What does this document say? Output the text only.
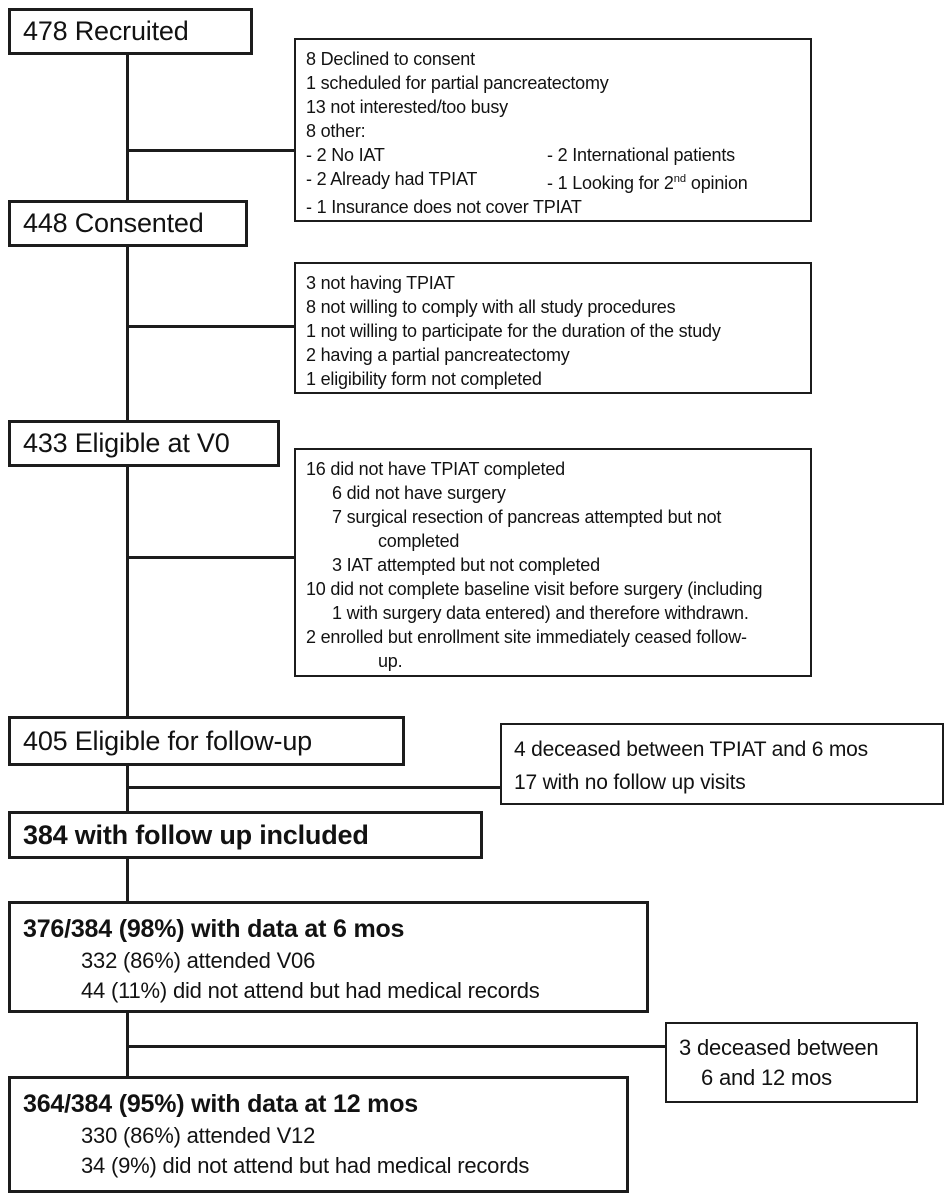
478 Recruited
448 Consented
433 Eligible at V0
405 Eligible for follow-up
384 with follow up included
376/384 (98%) with data at 6 mos
332 (86%) attended V06
44 (11%) did not attend but had medical records
364/384 (95%) with data at 12 mos
330 (86%) attended V12
34 (9%) did not attend but had medical records
8 Declined to consent
1 scheduled for partial pancreatectomy
13 not interested/too busy
8 other:
- 2 No IAT	- 2 International patients
- 2 Already had TPIAT	- 1 Looking for 2nd opinion
- 1 Insurance does not cover TPIAT
3 not having TPIAT
8 not willing to comply with all study procedures
1 not willing to participate for the duration of the study
2 having a partial pancreatectomy
1 eligibility form not completed
16 did not have TPIAT completed
6 did not have surgery
7 surgical resection of pancreas attempted but not
completed
3 IAT attempted but not completed
10 did not complete baseline visit before surgery (including
1 with surgery data entered) and therefore withdrawn.
2 enrolled but enrollment site immediately ceased follow-
up.
4 deceased between TPIAT and 6 mos
17 with no follow up visits
3 deceased between
6 and 12 mos
